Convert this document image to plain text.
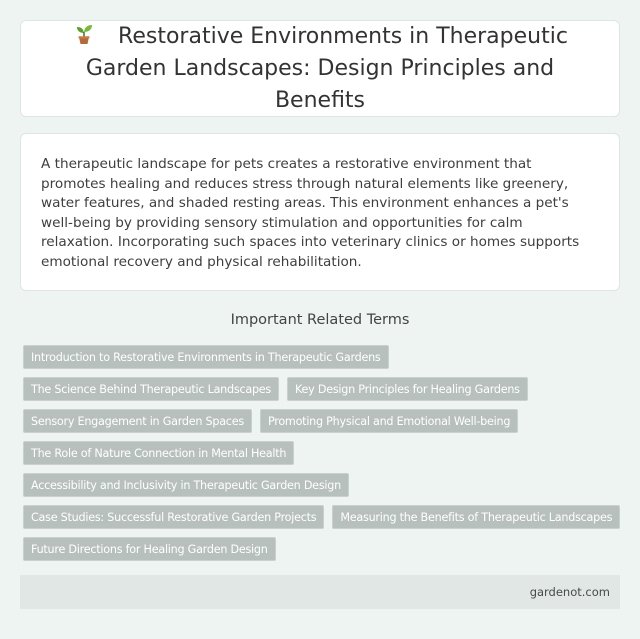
Restorative Environments in Therapeutic Garden Landscapes: Design Principles and Benefits

A therapeutic landscape for pets creates a restorative environment that promotes healing and reduces stress through natural elements like greenery, water features, and shaded resting areas. This environment enhances a pet's well-being by providing sensory stimulation and opportunities for calm relaxation. Incorporating such spaces into veterinary clinics or homes supports emotional recovery and physical rehabilitation.

Important Related Terms
Introduction to Restorative Environments in Therapeutic Gardens
The Science Behind Therapeutic Landscapes	Key Design Principles for Healing Gardens
Sensory Engagement in Garden Spaces	Promoting Physical and Emotional Well-being
The Role of Nature Connection in Mental Health
Accessibility and Inclusivity in Therapeutic Garden Design
Case Studies: Successful Restorative Garden Projects	Measuring the Benefits of Therapeutic Landscapes
Future Directions for Healing Garden Design
gardenot.com
